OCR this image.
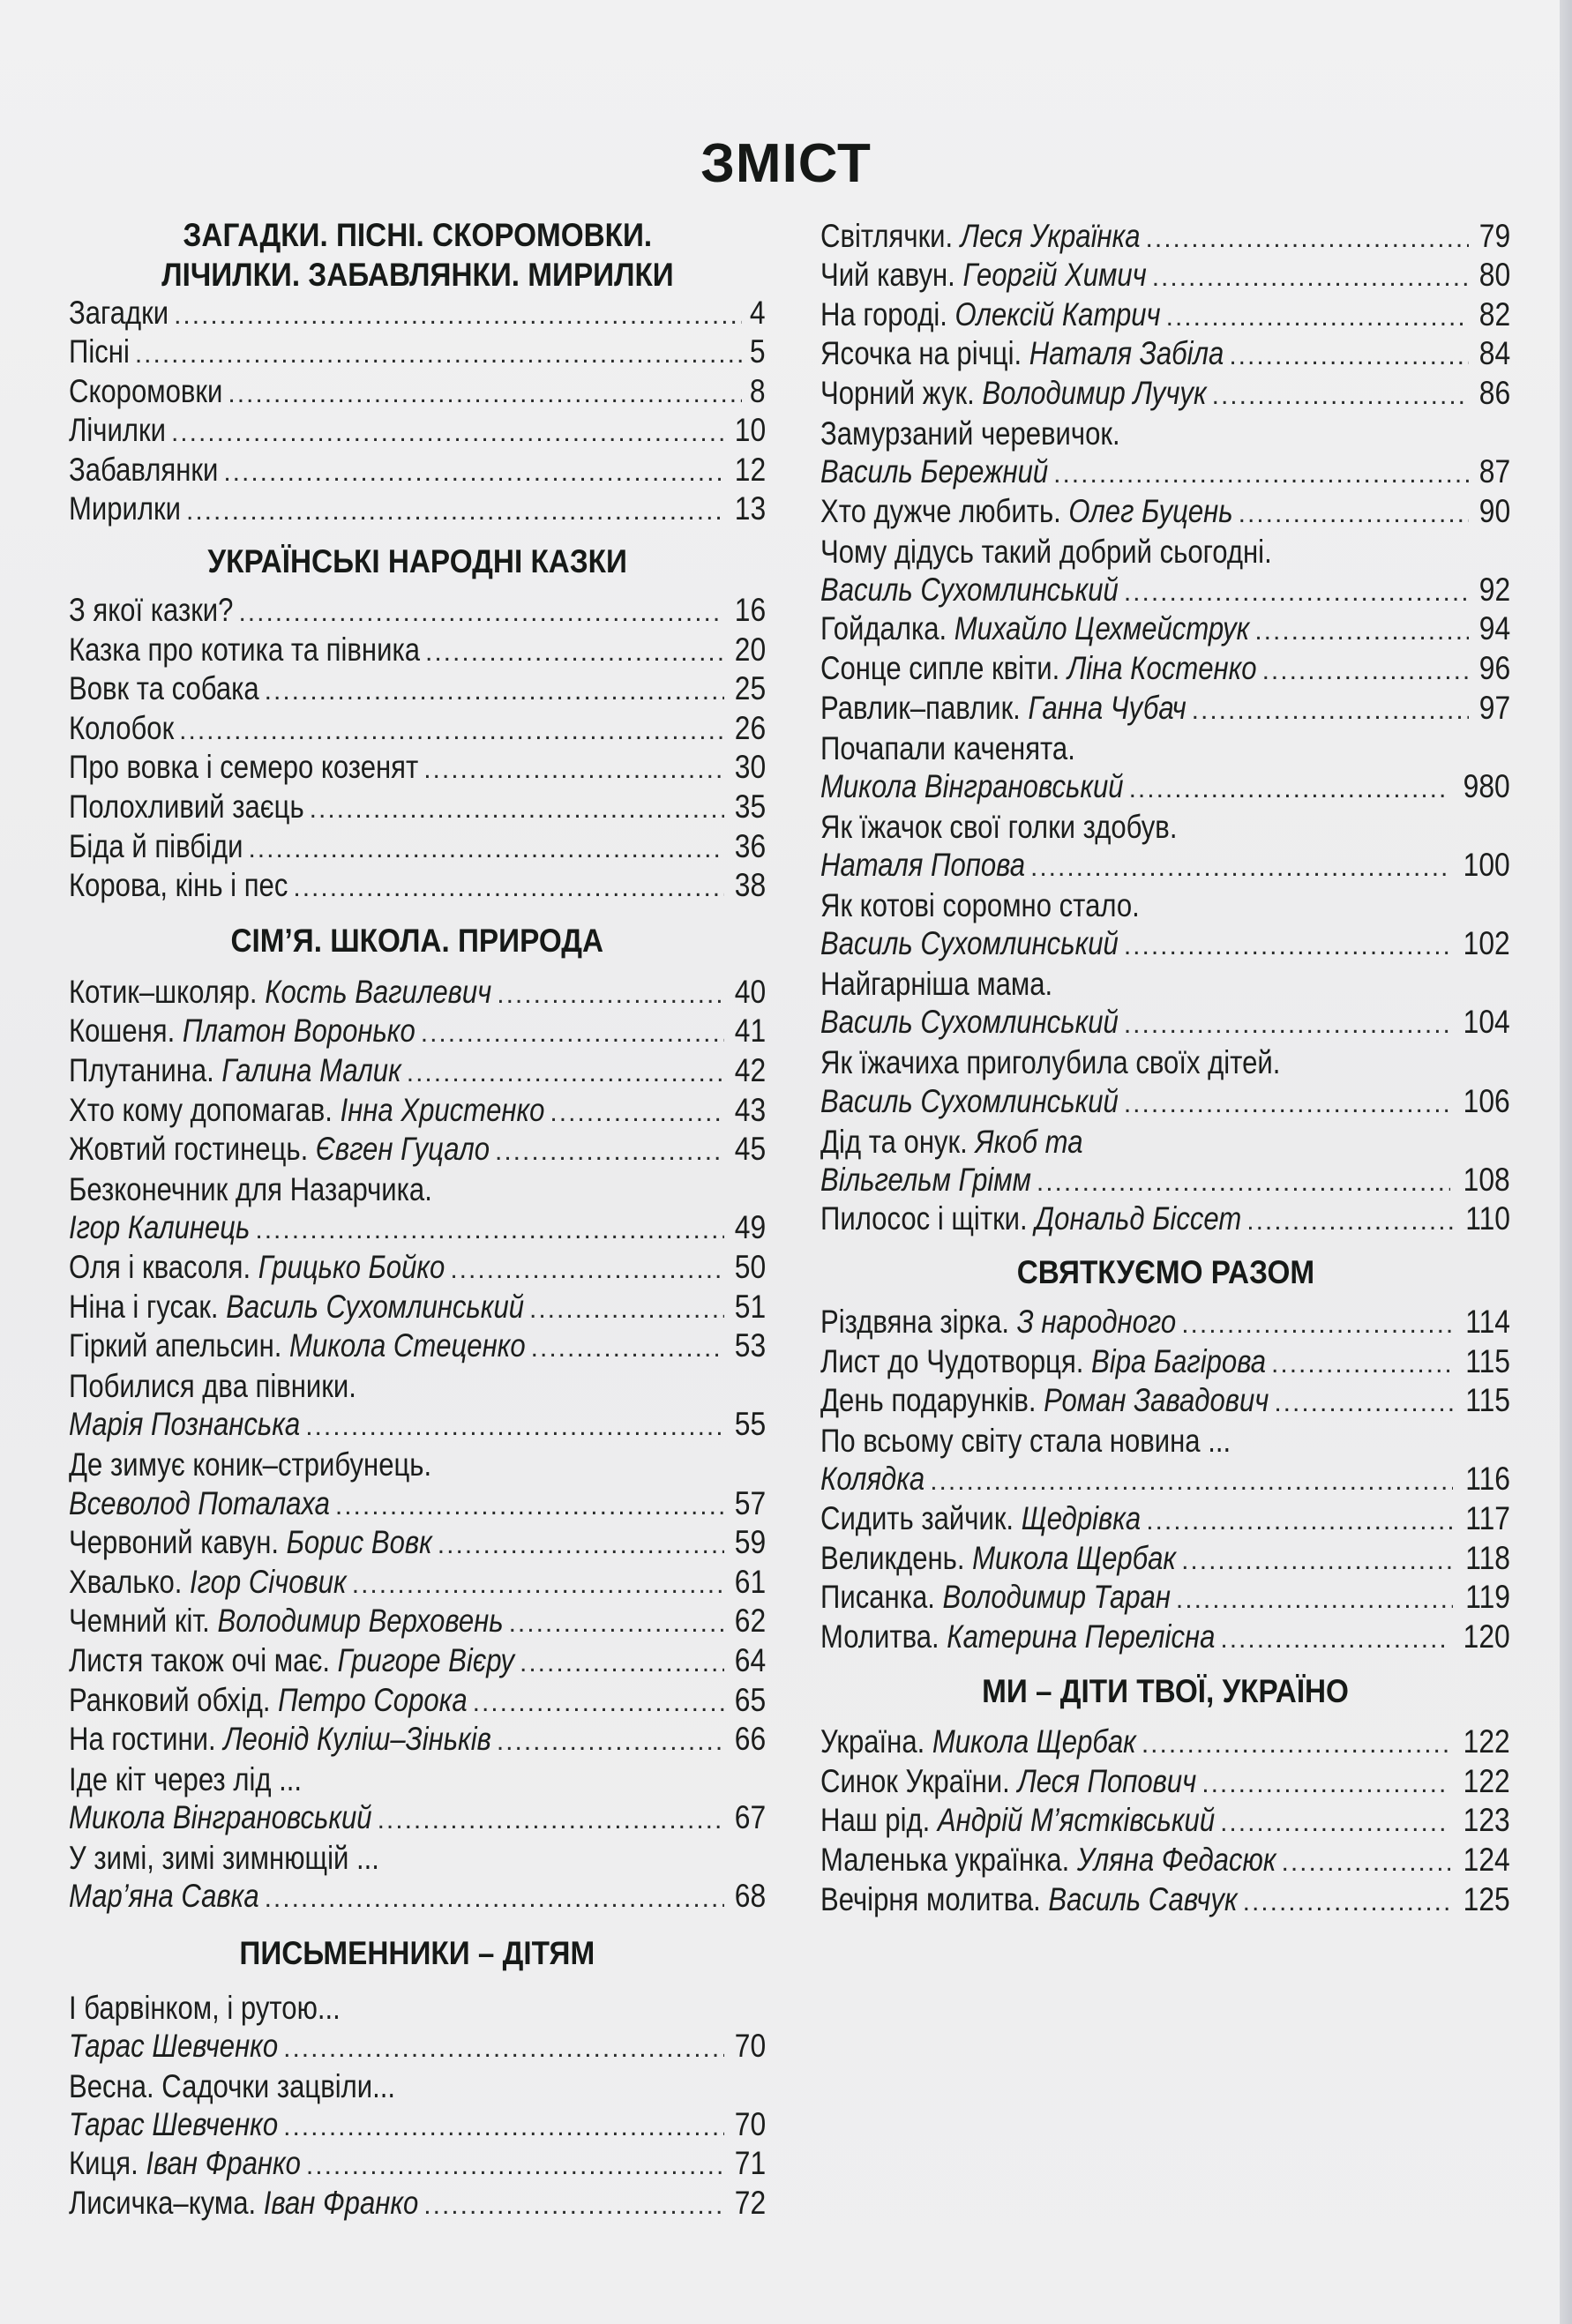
ЗМІСТ
ЗАГАДКИ. ПІСНІ. СКОРОМОВКИ.
ЛІЧИЛКИ. ЗАБАВЛЯНКИ. МИРИЛКИ
Загадки .....	4
Пісні .....	5
Скоромовки .....	8
Лічилки .....	10
Забавлянки .....	12
Мирилки .....	13
УКРАЇНСЬКІ НАРОДНІ КАЗКИ
З якої казки? .....	16
Казка про котика та півника .....	20
Вовк та собака .....	25
Колобок .....	26
Про вовка і семеро козенят .....	30
Полохливий заєць .....	35
Біда й півбіди .....	36
Корова, кінь і пес .....	38
СІМ’Я. ШКОЛА. ПРИРОДА
Котик–школяр. Кость Вагилевич .....	40
Кошеня. Платон Воронько .....	41
Плутанина. Галина Малик .....	42
Хто кому допомагав. Інна Христенко .....	43
Жовтий гостинець. Євген Гуцало .....	45
Безконечник для Назарчика.
Ігор Калинець .....	49
Оля і квасоля. Грицько Бойко .....	50
Ніна і гусак. Василь Сухомлинський .....	51
Гіркий апельсин. Микола Стеценко .....	53
Побилися два півники.
Марія Познанська .....	55
Де зимує коник–стрибунець.
Всеволод Поталаха .....	57
Червоний кавун. Борис Вовк .....	59
Хвалько. Ігор Січовик .....	61
Чемний кіт. Володимир Верховень .....	62
Листя також очі має. Григоре Вієру .....	64
Ранковий обхід. Петро Сорока .....	65
На гостини. Леонід Куліш–Зіньків .....	66
Іде кіт через лід ...
Микола Вінграновський .....	67
У зимі, зимі зимнющій ...
Мар’яна Савка .....	68
ПИСЬМЕННИКИ – ДІТЯМ
І барвінком, і рутою...
Тарас Шевченко .....	70
Весна. Садочки зацвіли...
Тарас Шевченко .....	70
Киця. Іван Франко .....	71
Лисичка–кума. Іван Франко .....	72
Світлячки. Леся Українка .....	79
Чий кавун. Георгій Химич .....	80
На городі. Олексій Катрич .....	82
Ясочка на річці. Наталя Забіла .....	84
Чорний жук. Володимир Лучук .....	86
Замурзаний черевичок.
Василь Бережний .....	87
Хто дужче любить. Олег Буцень .....	90
Чому дідусь такий добрий сьогодні.
Василь Сухомлинський .....	92
Гойдалка. Михайло Цехмейструк .....	94
Сонце сипле квіти. Ліна Костенко .....	96
Равлик–павлик. Ганна Чубач .....	97
Почапали каченята.
Микола Вінграновський .....	980
Як їжачок свої голки здобув.
Наталя Попова .....	100
Як котові соромно стало.
Василь Сухомлинський .....	102
Найгарніша мама.
Василь Сухомлинський .....	104
Як їжачиха приголубила своїх дітей.
Василь Сухомлинський .....	106
Дід та онук. Якоб та
Вільгельм Грімм .....	108
Пилосос і щітки. Дональд Біссет .....	110
СВЯТКУЄМО РАЗОМ
Різдвяна зірка. З народного .....	114
Лист до Чудотворця. Віра Багірова .....	115
День подарунків. Роман Завадович .....	115
По всьому світу стала новина ...
Колядка .....	116
Сидить зайчик. Щедрівка .....	117
Великдень. Микола Щербак .....	118
Писанка. Володимир Таран .....	119
Молитва. Катерина Перелісна .....	120
МИ – ДІТИ ТВОЇ, УКРАЇНО
Україна. Микола Щербак .....	122
Синок України. Леся Попович .....	122
Наш рід. Андрій М’ястківський .....	123
Маленька українка. Уляна Федасюк .....	124
Вечірня молитва. Василь Савчук .....	125
